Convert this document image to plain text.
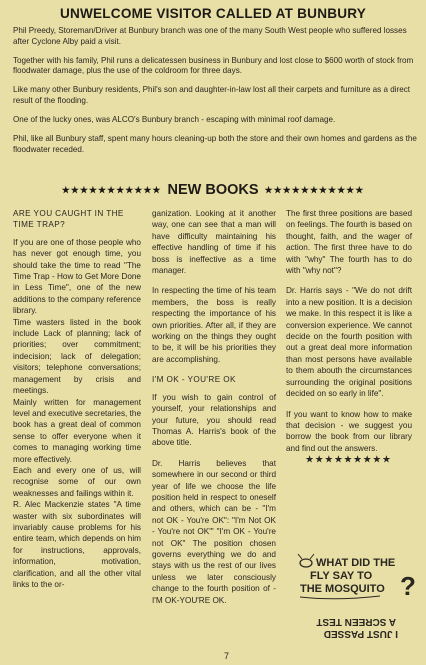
UNWELCOME VISITOR CALLED AT BUNBURY

Phil Preedy, Storeman/Driver at Bunbury branch was one of the many South West people who suffered losses after Cyclone Alby paid a visit.

Together with his family, Phil runs a delicatessen business in Bunbury and lost close to $600 worth of stock from floodwater damage, plus the use of the coldroom for three days.

Like many other Bunbury residents, Phil's son and daughter-in-law lost all their carpets and furniture as a direct result of the flooding.

One of the lucky ones, was ALCO's Bunbury branch - escaping with minimal roof damage.

Phil, like all Bunbury staff, spent many hours cleaning-up both the store and their own homes and gardens as the floodwater receded.

★★★★★★★★★★★ NEW BOOKS ★★★★★★★★★★★

ARE YOU CAUGHT IN THE TIME TRAP?

If you are one of those people who has never got enough time, you should take the time to read "The Time Trap - How to Get More Done in Less Time", one of the new additions to the company reference library.

Time wasters listed in the book include Lack of planning; lack of priorities; over commitment; indecision; lack of delegation; visitors; telephone conversations; management by crisis and meetings.

Mainly written for management level and executive secretaries, the book has a great deal of common sense to offer everyone when it comes to managing working time more effectively.

Each and every one of us, will recognise some of our own weaknesses and failings within it.

R. Alec Mackenzie states "A time waster with six subordinates will invariably cause problems for his entire team, which depends on him for instructions, approvals, information, motivation, clarification, and all the other vital links to the or-

ganization. Looking at it another way, one can see that a man will have difficulty maintaining his effective handling of time if his boss is ineffective as a time manager.

In respecting the time of his team members, the boss is really respecting the importance of his own priorities. After all, if they are working on the things they ought to be, it will be his priorities they are accomplishing.

I'M OK - YOU'RE OK

If you wish to gain control of yourself, your relationships and your future, you should read Thomas A. Harris's book of the above title.

Dr. Harris believes that somewhere in our second or third year of life we choose the life position held in respect to oneself and others, which can be - "I'm not OK - You're OK": "I'm Not OK - You're not OK"' "I'm OK - You're not OK" The position chosen governs everything we do and stays with us the rest of our lives unless we later consciously change to the fourth position of -I'M OK-YOU'RE OK.

The first three positions are based on feelings. The fourth is based on thought, faith, and the wager of action. The first three have to do with "why" The fourth has to do with "why not"?

Dr. Harris says - "We do not drift into a new position. It is a decision we make. In this respect it is like a conversion experience. We cannot decide on the fourth position with out a great deal more information than most persons have available to them abouth the circumstances surrounding the original positions decided on so early in life".

If you want to know how to make that decision - we suggest you borrow the book from our library and find out the answers.

★★★★★★★★★

WHAT DID THE
FLY SAY TO
THE MOSQUITO ?
I JUST PASSED
A SCREEN TEST
7
